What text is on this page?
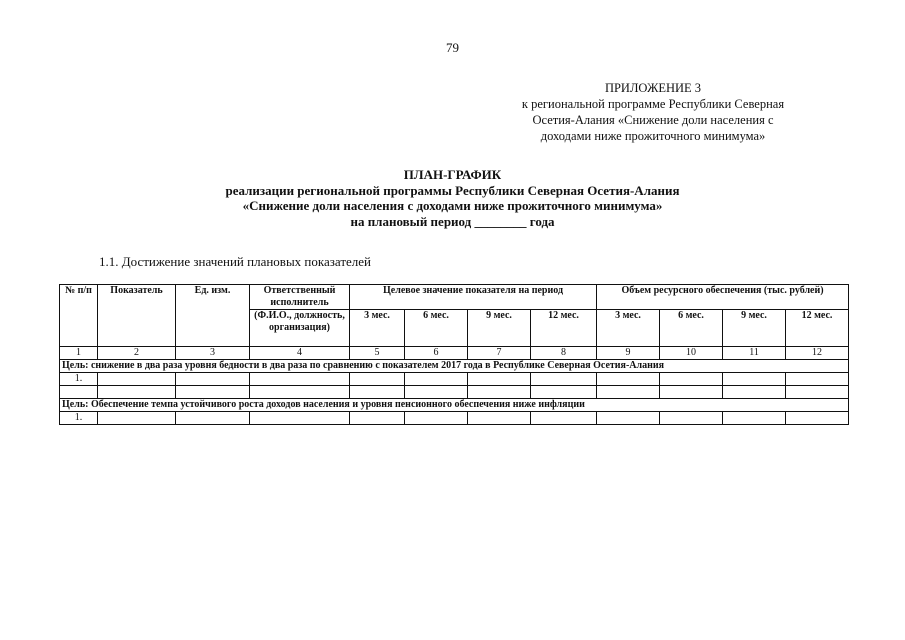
79
ПРИЛОЖЕНИЕ 3
к региональной программе Республики Северная
Осетия-Алания «Снижение доли населения с
доходами ниже прожиточного минимума»
ПЛАН-ГРАФИК
реализации региональной программы Республики Северная Осетия-Алания
«Снижение доли населения с доходами ниже прожиточного минимума»
на плановый период ________ года
1.1. Достижение значений плановых показателей
№ п/п	Показатель	Ед. изм.	Ответственный исполнитель	Целевое значение показателя на период				Объем ресурсного обеспечения (тыс. рублей)			
			(Ф.И.О., должность, организация)	3 мес.	6 мес.	9 мес.	12 мес.	3 мес.	6 мес.	9 мес.	12 мес.
1	2	3	4	5	6	7	8	9	10	11	12
Цель: снижение в два раза уровня бедности в два раза по сравнению с показателем 2017 года в Республике Северная Осетия-Алания											
1.											

Цель: Обеспечение темпа устойчивого роста доходов населения и уровня пенсионного обеспечения ниже инфляции											
1.											
